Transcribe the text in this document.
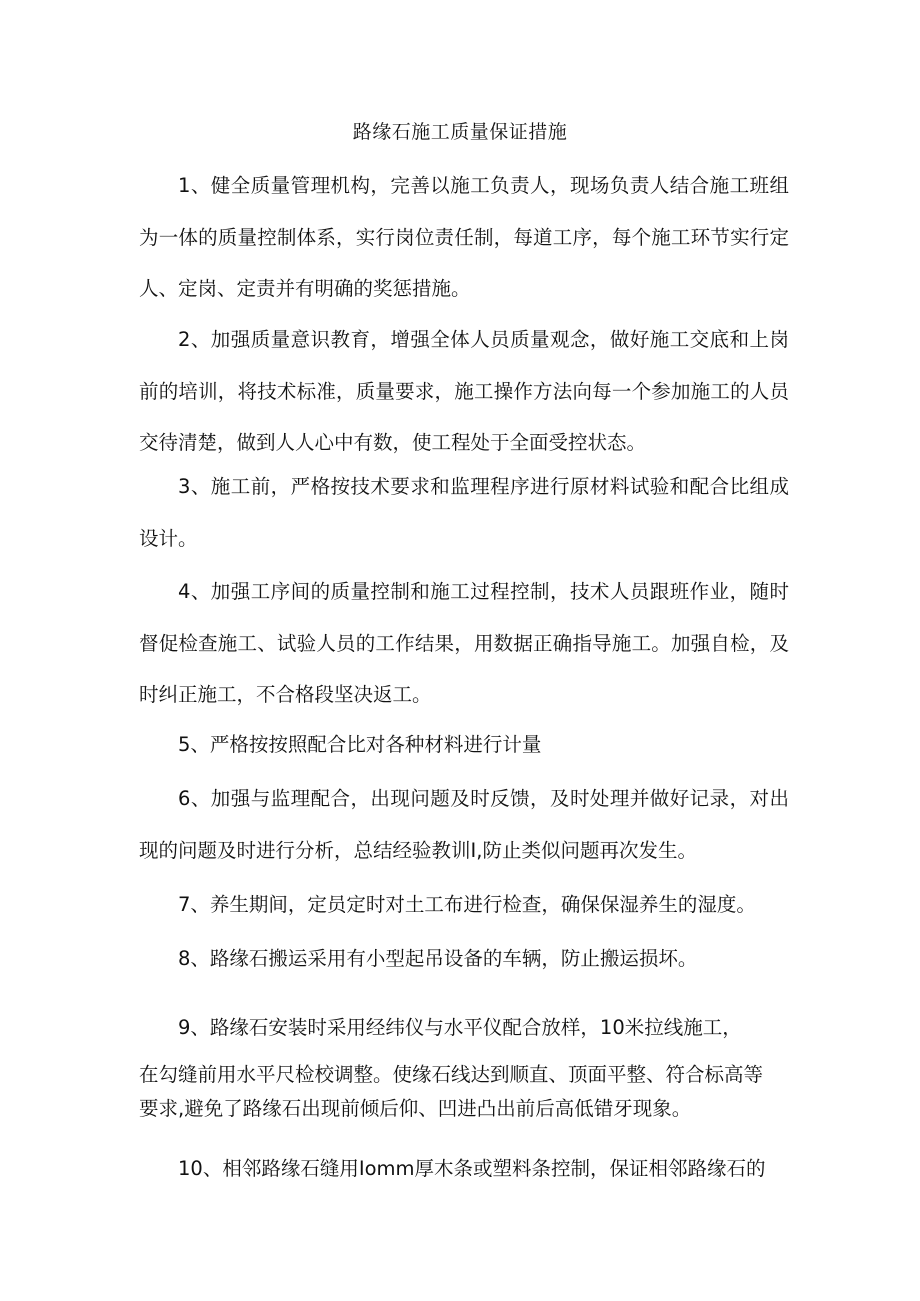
路缘石施工质量保证措施

1、健全质量管理机构，完善以施工负责人，现场负责人结合施工班组为一体的质量控制体系，实行岗位责任制，每道工序，每个施工环节实行定人、定岗、定责并有明确的奖惩措施。

2、加强质量意识教育，增强全体人员质量观念，做好施工交底和上岗前的培训，将技术标准，质量要求，施工操作方法向每一个参加施工的人员交待清楚，做到人人心中有数，使工程处于全面受控状态。

3、施工前，严格按技术要求和监理程序进行原材料试验和配合比组成设计。

4、加强工序间的质量控制和施工过程控制，技术人员跟班作业，随时督促检查施工、试验人员的工作结果，用数据正确指导施工。加强自检，及时纠正施工，不合格段坚决返工。

5、严格按按照配合比对各种材料进行计量

6、加强与监理配合，出现问题及时反馈，及时处理并做好记录，对出现的问题及时进行分析，总结经验教训I,防止类似问题再次发生。

7、养生期间，定员定时对土工布进行检查，确保保湿养生的湿度。

8、路缘石搬运采用有小型起吊设备的车辆，防止搬运损坏。

9、路缘石安装时采用经纬仪与水平仪配合放样，10米拉线施工，

在勾缝前用水平尺检校调整。使缘石线达到顺直、顶面平整、符合标高等

要求,避免了路缘石出现前倾后仰、凹进凸出前后高低错牙现象。

10、相邻路缘石缝用Iomm厚木条或塑料条控制，保证相邻路缘石的
